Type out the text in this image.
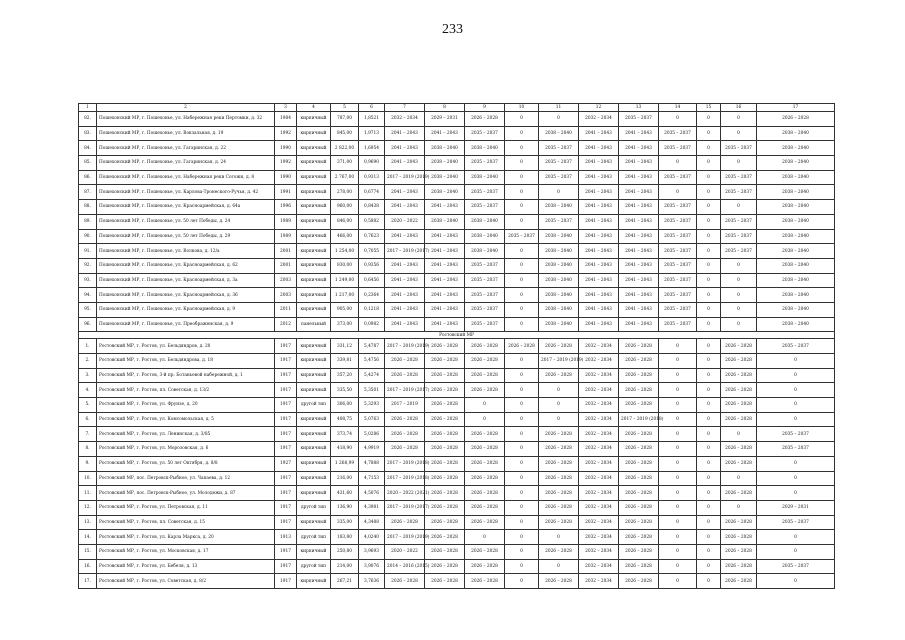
233
1	2	3	4	5	6	7	8	9	10	11	12	13	14	15	16	17
82.	Пошехонский МР, г. Пошехонье, ул. Набережная реки Пертомки, д. 32	1984	кирпичный	787,00	1,8521	2032 – 2034	2029 – 2031	2026 – 2028	0	0	2032 – 2034	2035 – 2037	0	0	0	2026 – 2028
83.	Пошехонский МР, г. Пошехонье, ул. Вокзальная, д. 19	1992	кирпичный	845,00	1,9713	2041 – 2043	2041 – 2043	2035 – 2037	0	2038 – 2040	2041 – 2043	2041 – 2043	2035 – 2037	0	0	2038 – 2040
84.	Пошехонский МР, г. Пошехонье, ул. Гагаринская, д. 22	1990	кирпичный	2 822,00	1,6954	2041 – 2043	2038 – 2040	2038 – 2040	0	2035 – 2037	2041 – 2043	2041 – 2043	2035 – 2037	0	2035 – 2037	2038 – 2040
85.	Пошехонский МР, г. Пошехонье, ул. Гагаринская, д. 24	1992	кирпичный	371,00	0,9690	2041 – 2043	2038 – 2040	2035 – 2037	0	2035 – 2037	2041 – 2043	2041 – 2043	0	0	0	2038 – 2040
86.	Пошехонский МР, г. Пошехонье, ул. Набережная реки Согожи, д. 8	1990	кирпичный	2 767,00	0,9313	2017 – 2019 (2019)	2038 – 2040	2038 – 2040	0	2035 – 2037	2041 – 2043	2041 – 2043	2035 – 2037	0	2035 – 2037	2038 – 2040
87.	Пошехонский МР, г. Пошехонье, ул. Карлова-Тронеского-Ручья, д. 42	1991	кирпичный	278,00	0,6774	2041 – 2043	2038 – 2040	2035 – 2037	0	0	2041 – 2043	2041 – 2043	0	0	2035 – 2037	2038 – 2040
88.	Пошехонский МР, г. Пошехонье, ул. Красноармейская, д. 64а	1996	кирпичный	960,00	0,8438	2041 – 2043	2041 – 2043	2035 – 2037	0	2038 – 2040	2041 – 2043	2041 – 2043	2035 – 2037	0	0	2038 – 2040
89.	Пошехонский МР, г. Пошехонье, ул. 50 лет Победы, д. 24	1989	кирпичный	846,00	0,5882	2020 – 2022	2038 – 2040	2038 – 2040	0	2035 – 2037	2041 – 2043	2041 – 2043	2035 – 2037	0	2035 – 2037	2038 – 2040
90.	Пошехонский МР, г. Пошехонье, ул. 50 лет Победы, д. 29	1989	кирпичный	466,00	0,7623	2041 – 2043	2041 – 2043	2038 – 2040	2035 – 2037	2038 – 2040	2041 – 2043	2041 – 2043	2035 – 2037	0	2035 – 2037	2038 – 2040
91.	Пошехонский МР, г. Пошехонье, ул. Волкова, д. 12/а	2001	кирпичный	1 254,00	0,7055	2017 – 2019 (2017)	2041 – 2043	2038 – 2040	0	2038 – 2040	2041 – 2043	2041 – 2043	2035 – 2037	0	2035 – 2037	2038 – 2040
92.	Пошехонский МР, г. Пошехонье, ул. Красноармейская, д. 62	2001	кирпичный	830,00	0,9356	2041 – 2043	2041 – 2043	2035 – 2037	0	2038 – 2040	2041 – 2043	2041 – 2043	2035 – 2037	0	0	2038 – 2040
93.	Пошехонский МР, г. Пошехонье, ул. Красноармейская, д. 3а	2003	кирпичный	1 249,00	0,6456	2041 – 2043	2041 – 2043	2035 – 2037	0	2038 – 2040	2041 – 2043	2041 – 2043	2035 – 2037	0	0	2038 – 2040
94.	Пошехонский МР, г. Пошехонье, ул. Красноармейская, д. 36	2003	кирпичный	1 217,00	0,2364	2041 – 2043	2041 – 2043	2035 – 2037	0	2038 – 2040	2041 – 2043	2041 – 2043	2035 – 2037	0	0	2038 – 2040
95.	Пошехонский МР, г. Пошехонье, ул. Красноармейская, д. 9	2011	кирпичный	905,00	0,1218	2041 – 2043	2041 – 2043	2035 – 2037	0	2038 – 2040	2041 – 2043	2041 – 2043	2035 – 2037	0	0	2038 – 2040
96.	Пошехонский МР, г. Пошехонье, ул. Преображенская, д. 9	2012	панельный	373,00	0,0982	2041 – 2043	2041 – 2043	2035 – 2037	0	2038 – 2040	2041 – 2043	2041 – 2043	2035 – 2037	0	0	2038 – 2040
Ростовский МР																
1.	Ростовский МР, г. Ростов, ул. Бельдяндров, д. 20	1917	кирпичный	331,12	5,4787	2017 – 2019 (2019)	2026 – 2028	2026 – 2028	2026 – 2028	2026 – 2028	2032 – 2034	2026 – 2028	0	0	2026 – 2028	2035 – 2037
2.	Ростовский МР, г. Ростов, ул. Бельдяндрова, д. 18	1917	кирпичный	339,81	5,4756	2026 – 2028	2026 – 2028	2026 – 2028	0	2017 – 2019 (2019)	2032 – 2034	2026 – 2028	0	0	2026 – 2028	0
3.	Ростовский МР, г. Ростов, 3-й пр. Ботаньевой набережной, д. 1	1917	кирпичный	357,20	5,4274	2026 – 2028	2026 – 2028	2026 – 2028	0	2026 – 2028	2032 – 2034	2026 – 2028	0	0	2026 – 2028	0
4.	Ростовский МР, г. Ростов, пл. Советская, д. 13/2	1917	кирпичный	335,50	5,3501	2017 – 2019 (2017)	2026 – 2028	2026 – 2028	0	0	2032 – 2034	2026 – 2028	0	0	2026 – 2028	0
5.	Ростовский МР, г. Ростов, ул. Фрунзе, д. 20	1917	другой тип	306,00	5,3293	2017 – 2019	2026 – 2028	0	0	0	2032 – 2034	2026 – 2028	0	0	2026 – 2028	0
6.	Ростовский МР, г. Ростов, ул. Комсомольская, д. 5	1917	кирпичный	408,75	5,0763	2026 – 2028	2026 – 2028	0	0	0	2032 – 2034	2017 – 2019 (2018)	0	0	2026 – 2028	0
7.	Ростовский МР, г. Ростов, ул. Ленинская, д. 3/85	1917	кирпичный	373,74	5,0286	2026 – 2028	2026 – 2028	2026 – 2028	0	2026 – 2028	2032 – 2034	2026 – 2028	0	0	0	2035 – 2037
8.	Ростовский МР, г. Ростов, ул. Морозовская, д. 6	1917	кирпичный	418,90	4,9919	2026 – 2028	2026 – 2028	2026 – 2028	0	2026 – 2028	2032 – 2034	2026 – 2028	0	0	2026 – 2028	2035 – 2037
9.	Ростовский МР, г. Ростов, ул. 50 лет Октября, д. 8/8	1927	кирпичный	1 268,99	4,7888	2017 – 2019 (2018)	2026 – 2028	2026 – 2028	0	2026 – 2028	2032 – 2034	2026 – 2028	0	0	2026 – 2028	0
10.	Ростовский МР, пос. Петровск-Рыбное, ул. Чапаева, д. 12	1917	кирпичный	216,00	4,7153	2017 – 2019 (2018)	2026 – 2028	2026 – 2028	0	2026 – 2028	2032 – 2034	2026 – 2028	0	0	0	0
11.	Ростовский МР, пос. Петровск-Рыбное, ул. Молодежи, д. 87	1917	кирпичный	431,60	4,5076	2020 – 2022 (2021)	2026 – 2028	2026 – 2028	0	2026 – 2028	2032 – 2034	2026 – 2028	0	0	2026 – 2028	0
12.	Ростовский МР, г. Ростов, ул. Петровская, д. 11	1917	другой тип	136,90	4,3981	2017 – 2019 (2017)	2026 – 2028	2026 – 2028	0	2026 – 2028	2032 – 2034	2026 – 2028	0	0	0	2029 – 2031
13.	Ростовский МР, г. Ростов, пл. Советская, д. 15	1917	кирпичный	335,00	4,3488	2026 – 2028	2026 – 2028	2026 – 2028	0	2026 – 2028	2032 – 2034	2026 – 2028	0	0	2026 – 2028	2035 – 2037
14.	Ростовский МР, г. Ростов, ул. Карла Маркса, д. 20	1913	другой тип	183,80	4,0240	2017 – 2019 (2019)	2026 – 2028	0	0	0	2032 – 2034	2026 – 2028	0	0	2026 – 2028	0
15.	Ростовский МР, г. Ростов, ул. Московская, д. 17	1917	кирпичный	250,80	3,9693	2020 – 2022	2026 – 2028	2026 – 2028	0	2026 – 2028	2032 – 2034	2026 – 2028	0	0	2026 – 2028	0
16.	Ростовский МР, г. Ростов, ул. Бебеля, д. 13	1917	другой тип	214,00	3,9076	2014 – 2016 (2015)	2026 – 2028	2026 – 2028	0	0	2032 – 2034	2026 – 2028	0	0	2026 – 2028	2035 – 2037
17.	Ростовский МР, г. Ростов, ул. Советская, д. 8/2	1917	кирпичный	267,21	3,7636	2026 – 2028	2026 – 2028	2026 – 2028	0	2026 – 2028	2032 – 2034	2026 – 2028	0	0	2026 – 2028	0
